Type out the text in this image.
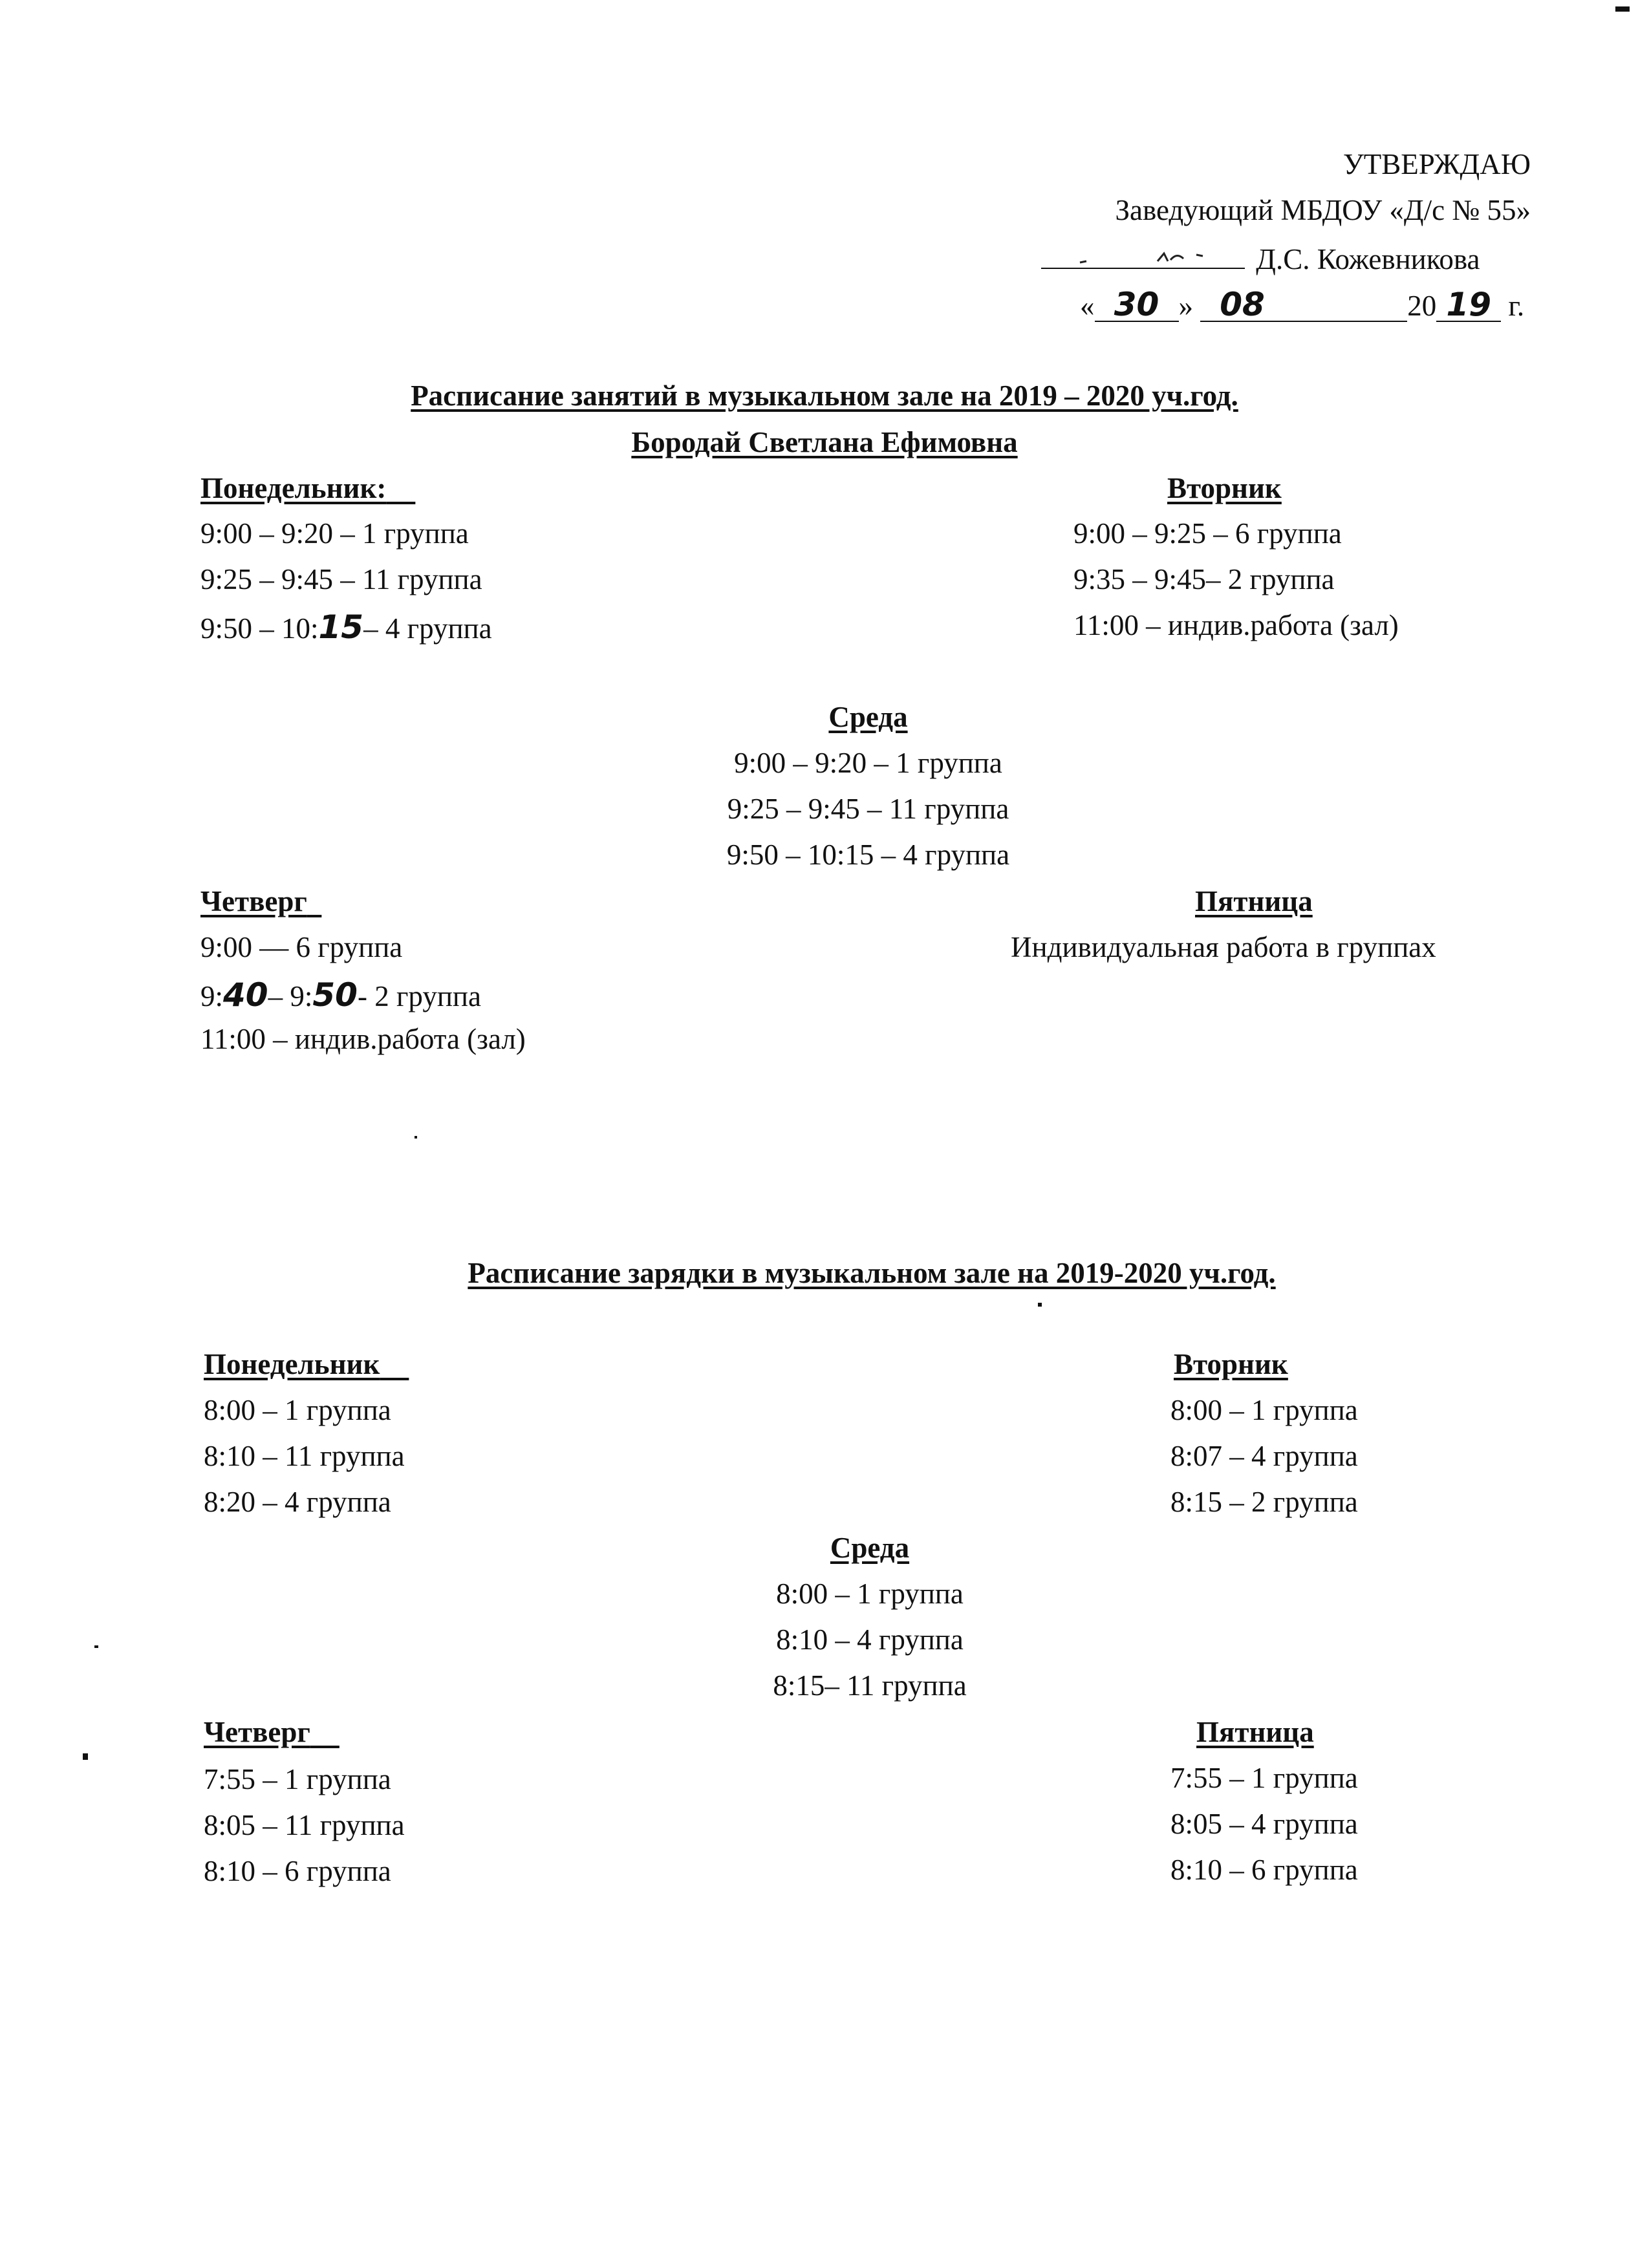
УТВЕРЖДАЮ
Заведующий МБДОУ «Д/с № 55»
Д.С. Кожевникова
« 30 » 08	20 19 г.
Расписание занятий в музыкальном зале на 2019 – 2020 уч.год.
Бородай Светлана Ефимовна
Понедельник:
9:00 – 9:20 – 1 группа
9:25 – 9:45 – 11 группа
9:50 – 10:15– 4 группа
Вторник
9:00 – 9:25 – 6 группа
9:35 – 9:45– 2 группа
11:00 – индив.работа (зал)
Среда
9:00 – 9:20 – 1 группа
9:25 – 9:45 – 11 группа
9:50 – 10:15 – 4 группа
Четверг
9:00 — 6 группа
9:40– 9:50- 2 группа
11:00 – индив.работа (зал)
Пятница
Индивидуальная работа в группах
Расписание зарядки в музыкальном зале на 2019-2020 уч.год.
Понедельник
8:00 – 1 группа
8:10 – 11 группа
8:20 – 4 группа
Вторник
8:00 – 1 группа
8:07 – 4 группа
8:15 – 2 группа
Среда
8:00 – 1 группа
8:10 – 4 группа
8:15– 11 группа
Четверг
7:55 – 1 группа
8:05 – 11 группа
8:10 – 6 группа
Пятница
7:55 – 1 группа
8:05 – 4 группа
8:10 – 6 группа
